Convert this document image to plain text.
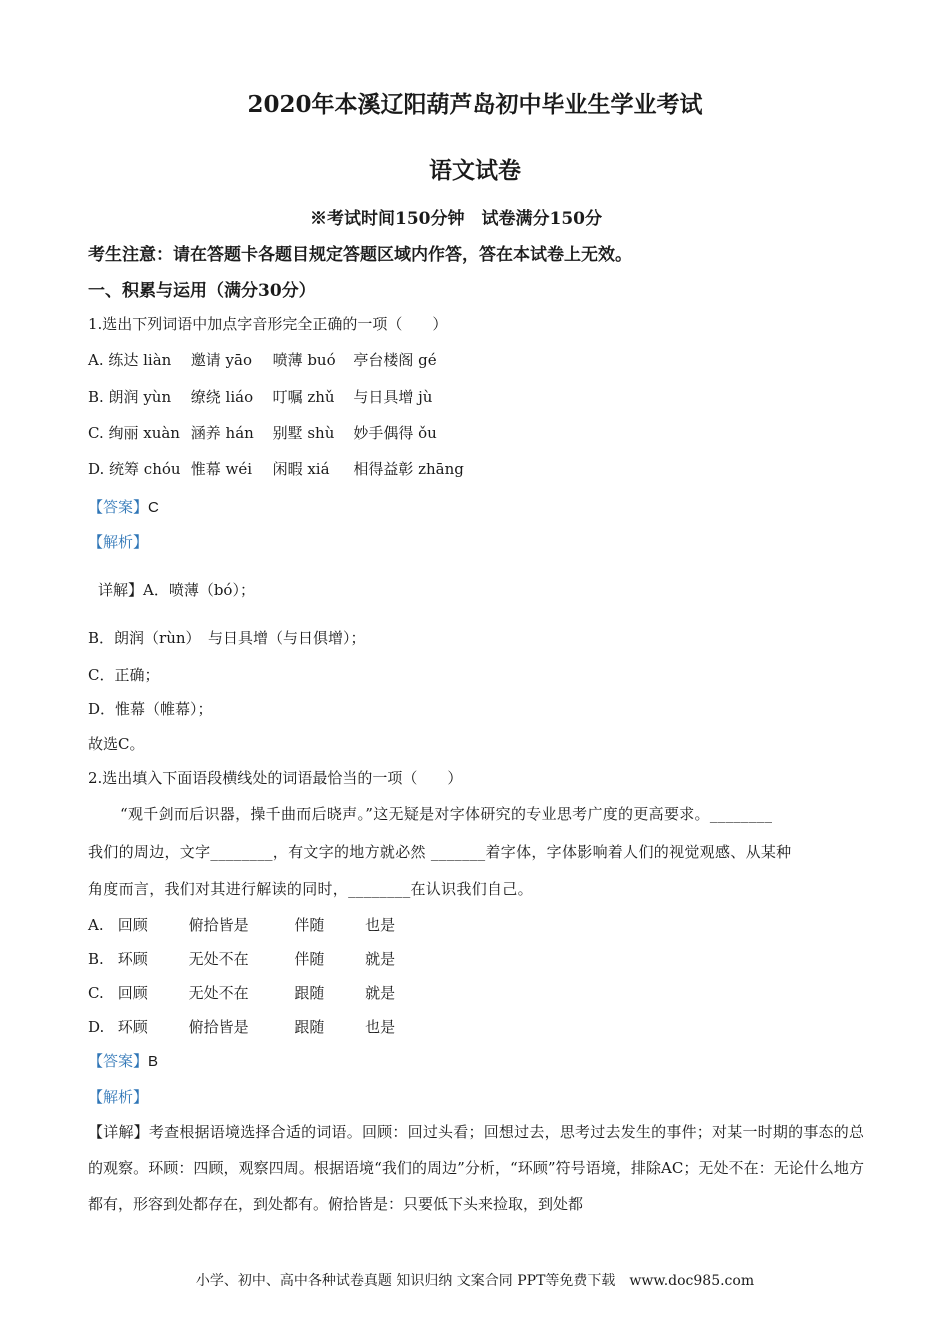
2020年本溪辽阳葫芦岛初中毕业生学业考试
语文试卷
※考试时间150分钟　试卷满分150分
考生注意：请在答题卡各题目规定答题区域内作答，答在本试卷上无效。
一、积累与运用（满分30分）
1.选出下列词语中加点字音形完全正确的一项（　　）
A. 练达 liàn 邀请 yāo 喷薄 buó 亭台楼阁 gé
B. 朗润 yùn 缭绕 liáo 叮嘱 zhǔ 与日具增 jù
C. 绚丽 xuàn 涵养 hán 别墅 shù 妙手偶得 ǒu
D. 统筹 chóu 惟幕 wéi 闲暇 xiá 相得益彰 zhāng
【答案】C
【解析】
详解】A．喷薄（bó）；
B．朗润（rùn）　与日具增（与日俱增）；
C．正确；
D．惟幕（帷幕）；
故选C。
2.选出填入下面语段横线处的词语最恰当的一项（　　）
“观千剑而后识器，操千曲而后晓声。”这无疑是对字体研究的专业思考广度的更高要求。________
我们的周边，文字________，有文字的地方就必然 _______着字体，字体影响着人们的视觉观感、从某种
角度而言，我们对其进行解读的同时，________在认识我们自己。
A. 回顾	俯拾皆是	伴随	也是
B. 环顾	无处不在	伴随	就是
C. 回顾	无处不在	跟随	就是
D. 环顾	俯拾皆是	跟随	也是
【答案】B
【解析】
【详解】考查根据语境选择合适的词语。回顾：回过头看；回想过去，思考过去发生的事件；对某一时期的事态的总的观察。环顾：四顾，观察四周。根据语境“我们的周边”分析，“环顾”符号语境，排除AC；无处不在：无论什么地方都有，形容到处都存在，到处都有。俯拾皆是：只要低下头来捡取，到处都
小学、初中、高中各种试卷真题 知识归纳 文案合同 PPT等免费下载　www.doc985.com
